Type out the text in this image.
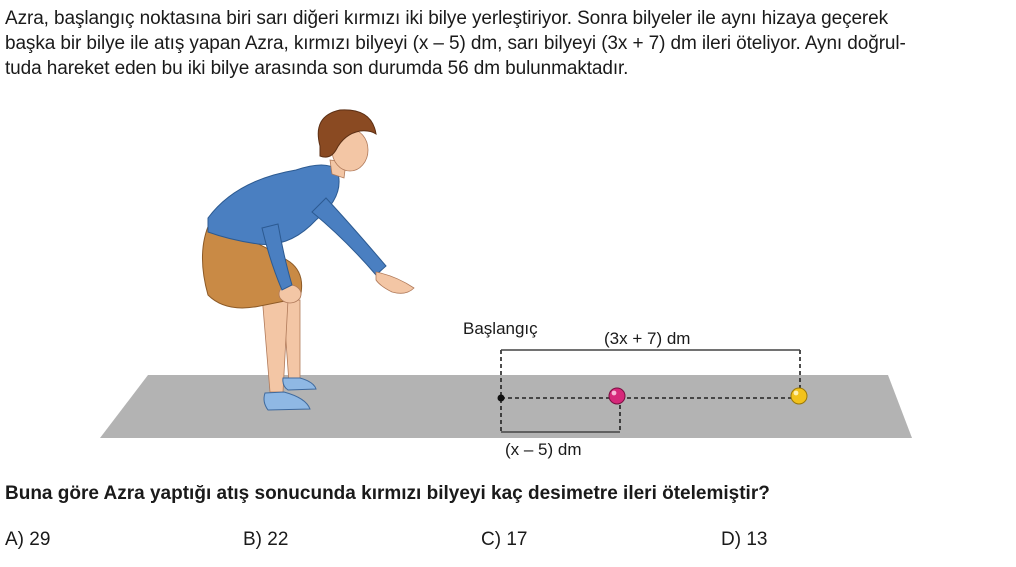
Azra, başlangıç noktasına biri sarı diğeri kırmızı iki bilye yerleştiriyor. Sonra bilyeler ile aynı hizaya geçerek
başka bir bilye ile atış yapan Azra, kırmızı bilyeyi (x – 5) dm, sarı bilyeyi (3x + 7) dm ileri öteliyor. Aynı doğrul-
tuda hareket eden bu iki bilye arasında son durumda 56 dm bulunmaktadır.
Başlangıç
(3x + 7) dm
(x – 5) dm
Buna göre Azra yaptığı atış sonucunda kırmızı bilyeyi kaç desimetre ileri ötelemiştir?
A) 29	B) 22	C) 17	D) 13
